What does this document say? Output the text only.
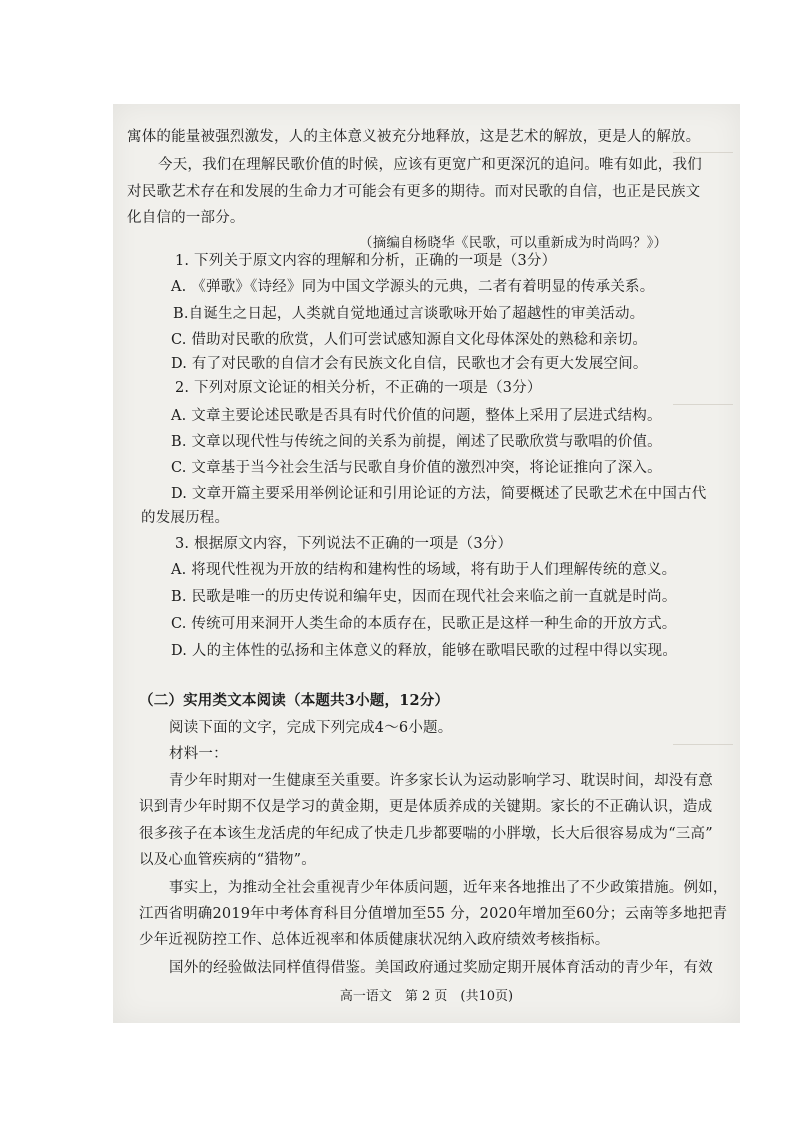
寓体的能量被强烈激发，人的主体意义被充分地释放，这是艺术的解放，更是人的解放。
今天，我们在理解民歌价值的时候，应该有更宽广和更深沉的追问。唯有如此，我们
对民歌艺术存在和发展的生命力才可能会有更多的期待。而对民歌的自信，也正是民族文
化自信的一部分。
（摘编自杨晓华《民歌，可以重新成为时尚吗？》）
1. 下列关于原文内容的理解和分析，正确的一项是（3分）
A. 《弹歌》《诗经》同为中国文学源头的元典，二者有着明显的传承关系。
B.自诞生之日起，人类就自觉地通过言谈歌咏开始了超越性的审美活动。
C. 借助对民歌的欣赏，人们可尝试感知源自文化母体深处的熟稔和亲切。
D. 有了对民歌的自信才会有民族文化自信，民歌也才会有更大发展空间。
2. 下列对原文论证的相关分析，不正确的一项是（3分）
A. 文章主要论述民歌是否具有时代价值的问题，整体上采用了层进式结构。
B. 文章以现代性与传统之间的关系为前提，阐述了民歌欣赏与歌唱的价值。
C. 文章基于当今社会生活与民歌自身价值的激烈冲突，将论证推向了深入。
D. 文章开篇主要采用举例论证和引用论证的方法，简要概述了民歌艺术在中国古代
的发展历程。
3. 根据原文内容，下列说法不正确的一项是（3分）
A. 将现代性视为开放的结构和建构性的场域，将有助于人们理解传统的意义。
B. 民歌是唯一的历史传说和编年史，因而在现代社会来临之前一直就是时尚。
C. 传统可用来洞开人类生命的本质存在，民歌正是这样一种生命的开放方式。
D. 人的主体性的弘扬和主体意义的释放，能够在歌唱民歌的过程中得以实现。
（二）实用类文本阅读（本题共3小题，12分）
阅读下面的文字，完成下列完成4～6小题。
材料一：
青少年时期对一生健康至关重要。许多家长认为运动影响学习、耽误时间，却没有意
识到青少年时期不仅是学习的黄金期，更是体质养成的关键期。家长的不正确认识，造成
很多孩子在本该生龙活虎的年纪成了快走几步都要喘的小胖墩，长大后很容易成为“三高”
以及心血管疾病的“猎物”。
事实上，为推动全社会重视青少年体质问题，近年来各地推出了不少政策措施。例如，
江西省明确2019年中考体育科目分值增加至55 分，2020年增加至60分；云南等多地把青
少年近视防控工作、总体近视率和体质健康状况纳入政府绩效考核指标。
国外的经验做法同样值得借鉴。美国政府通过奖励定期开展体育活动的青少年，有效
高一语文　第 2 页　(共10页)
